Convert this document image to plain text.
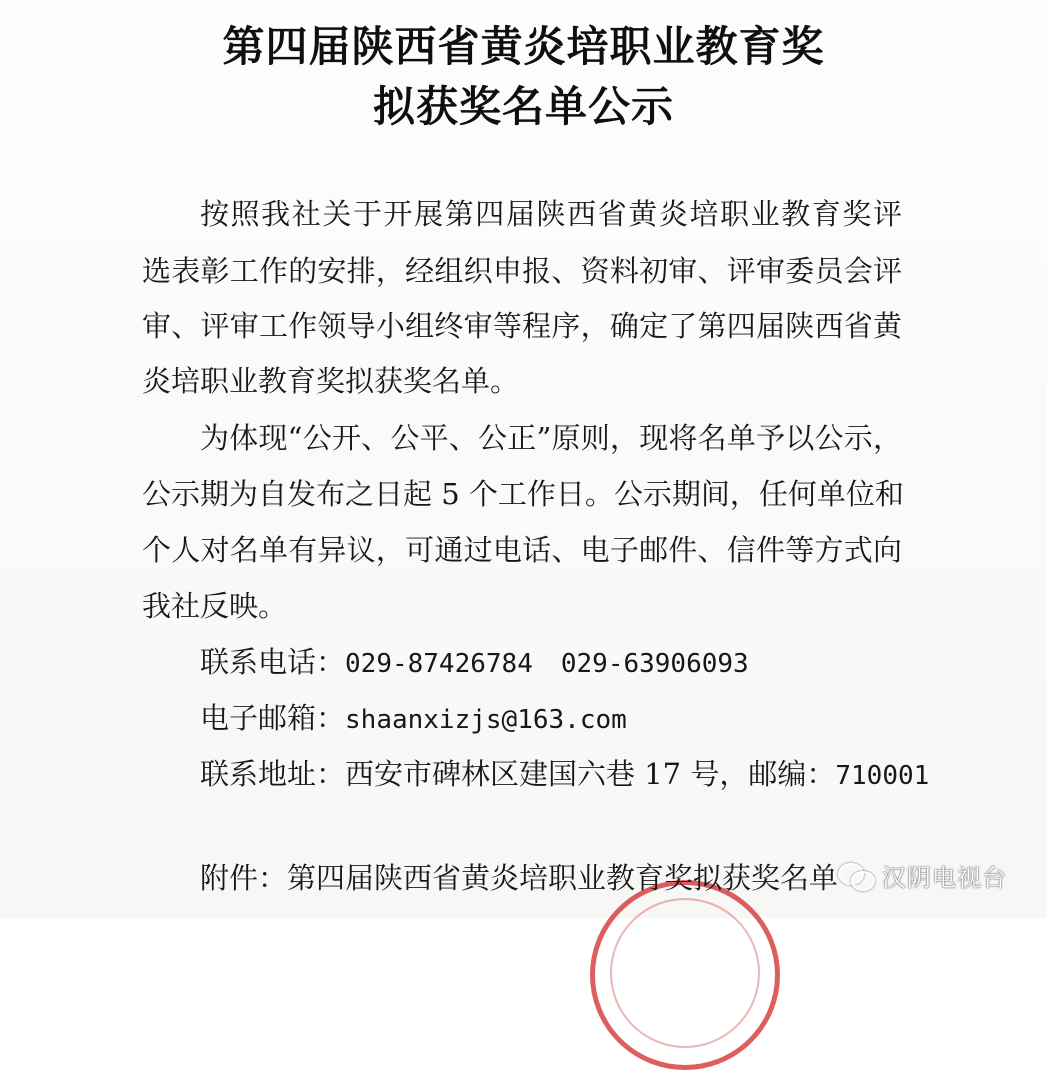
第四届陕西省黄炎培职业教育奖
拟获奖名单公示
按照我社关于开展第四届陕西省黄炎培职业教育奖评
选表彰工作的安排，经组织申报、资料初审、评审委员会评
审、评审工作领导小组终审等程序，确定了第四届陕西省黄
炎培职业教育奖拟获奖名单。
为体现“公开、公平、公正”原则，现将名单予以公示，
公示期为自发布之日起 5 个工作日。公示期间，任何单位和
个人对名单有异议，可通过电话、电子邮件、信件等方式向
我社反映。
联系电话：029-87426784 029-63906093
电子邮箱：shaanxizjs@163.com
联系地址：西安市碑林区建国六巷 17 号，邮编：710001
附件：第四届陕西省黄炎培职业教育奖拟获奖名单 汉阴电视台
